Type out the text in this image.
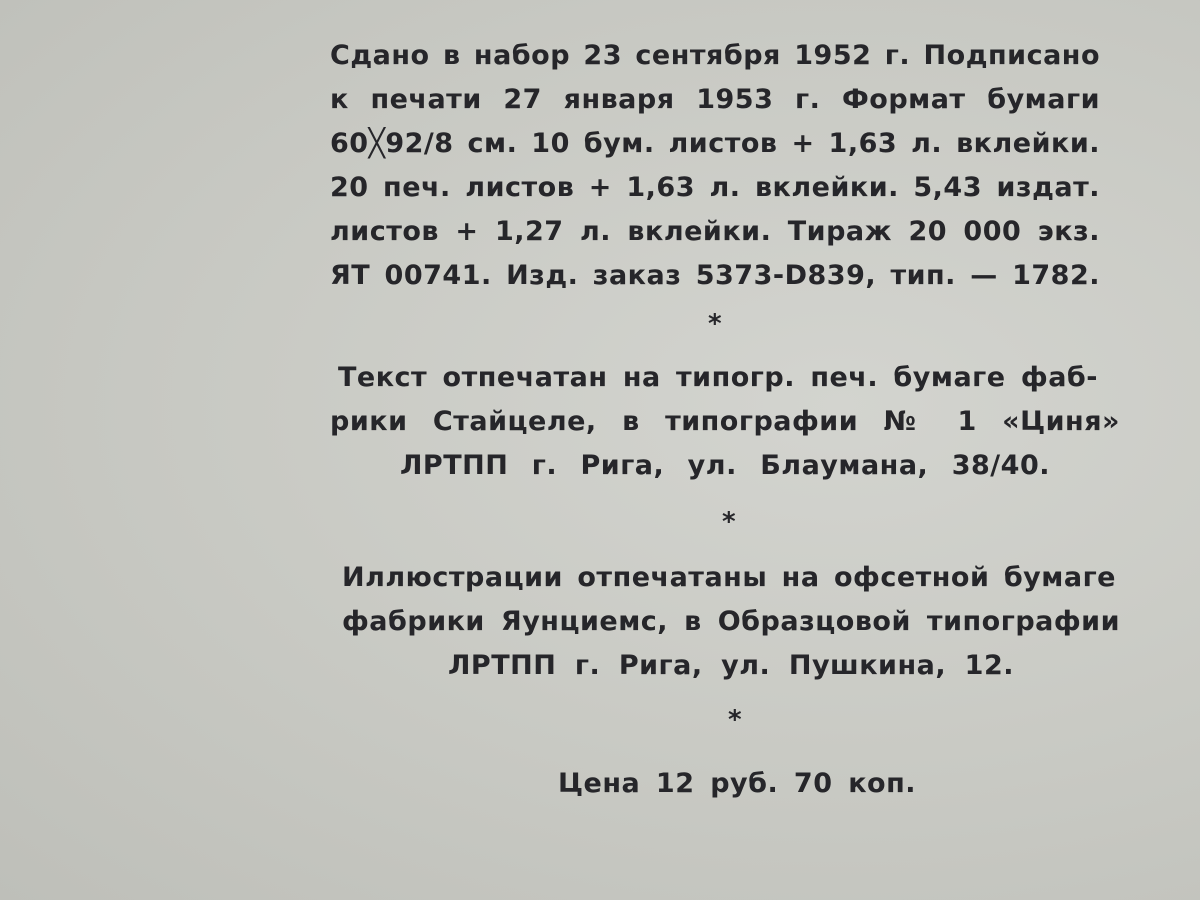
Сдано в набор 23 сентября 1952 г. Подписано
к печати 27 января 1953 г. Формат бумаги
60╳92/8 см. 10 бум. листов + 1,63 л. вклейки.
20 печ. листов + 1,63 л. вклейки. 5,43 издат.
листов + 1,27 л. вклейки. Тираж 20 000 экз.
ЯТ 00741. Изд. заказ 5373-D839, тип. — 1782.
*
Текст отпечатан на типогр. печ. бумаге фаб-
рики Стайцеле, в типографии № 1 «Циня»
ЛРТПП г. Рига, ул. Блаумана, 38/40.
*
Иллюстрации отпечатаны на офсетной бумаге
фабрики Яунциемс, в Образцовой типографии
ЛРТПП г. Рига, ул. Пушкина, 12.
*
Цена 12 руб. 70 коп.
